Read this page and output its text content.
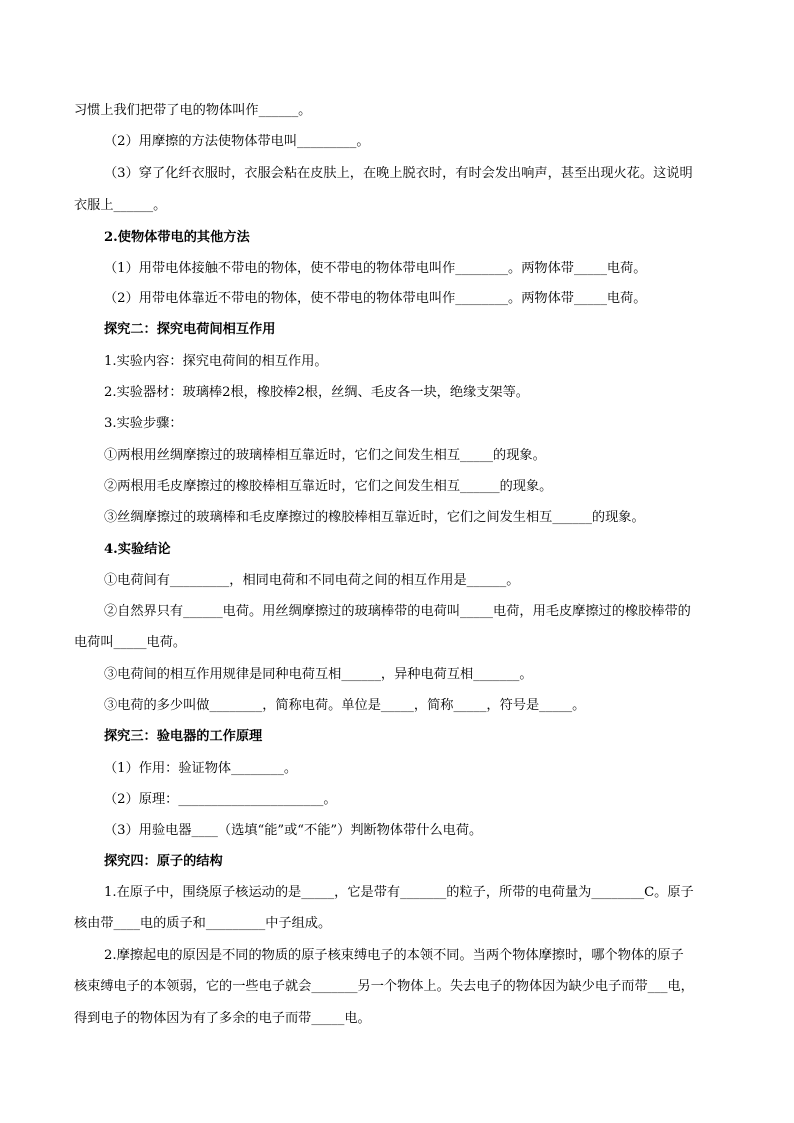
习惯上我们把带了电的物体叫作______。
（2）用摩擦的方法使物体带电叫_________。
（3）穿了化纤衣服时，衣服会粘在皮肤上，在晚上脱衣时，有时会发出响声，甚至出现火花。这说明
衣服上______。
2.使物体带电的其他方法
（1）用带电体接触不带电的物体，使不带电的物体带电叫作________。两物体带_____电荷。
（2）用带电体靠近不带电的物体，使不带电的物体带电叫作________。两物体带_____电荷。
探究二：探究电荷间相互作用
1.实验内容：探究电荷间的相互作用。
2.实验器材：玻璃棒2根，橡胶棒2根，丝绸、毛皮各一块，绝缘支架等。
3.实验步骤：
①两根用丝绸摩擦过的玻璃棒相互靠近时，它们之间发生相互_____的现象。
②两根用毛皮摩擦过的橡胶棒相互靠近时，它们之间发生相互______的现象。
③丝绸摩擦过的玻璃棒和毛皮摩擦过的橡胶棒相互靠近时，它们之间发生相互______的现象。
4.实验结论
①电荷间有_________，相同电荷和不同电荷之间的相互作用是______。
②自然界只有______电荷。用丝绸摩擦过的玻璃棒带的电荷叫_____电荷，用毛皮摩擦过的橡胶棒带的
电荷叫_____电荷。
③电荷间的相互作用规律是同种电荷互相______，异种电荷互相_______。
③电荷的多少叫做________，简称电荷。单位是_____，简称_____，符号是_____。
探究三：验电器的工作原理
（1）作用：验证物体________。
（2）原理：______________________。
（3）用验电器____（选填“能”或“不能”）判断物体带什么电荷。
探究四：原子的结构
1.在原子中，围绕原子核运动的是_____，它是带有_______的粒子，所带的电荷量为________C。原子
核由带____电的质子和_________中子组成。
2.摩擦起电的原因是不同的物质的原子核束缚电子的本领不同。当两个物体摩擦时，哪个物体的原子
核束缚电子的本领弱，它的一些电子就会_______另一个物体上。失去电子的物体因为缺少电子而带___电，
得到电子的物体因为有了多余的电子而带_____电。
